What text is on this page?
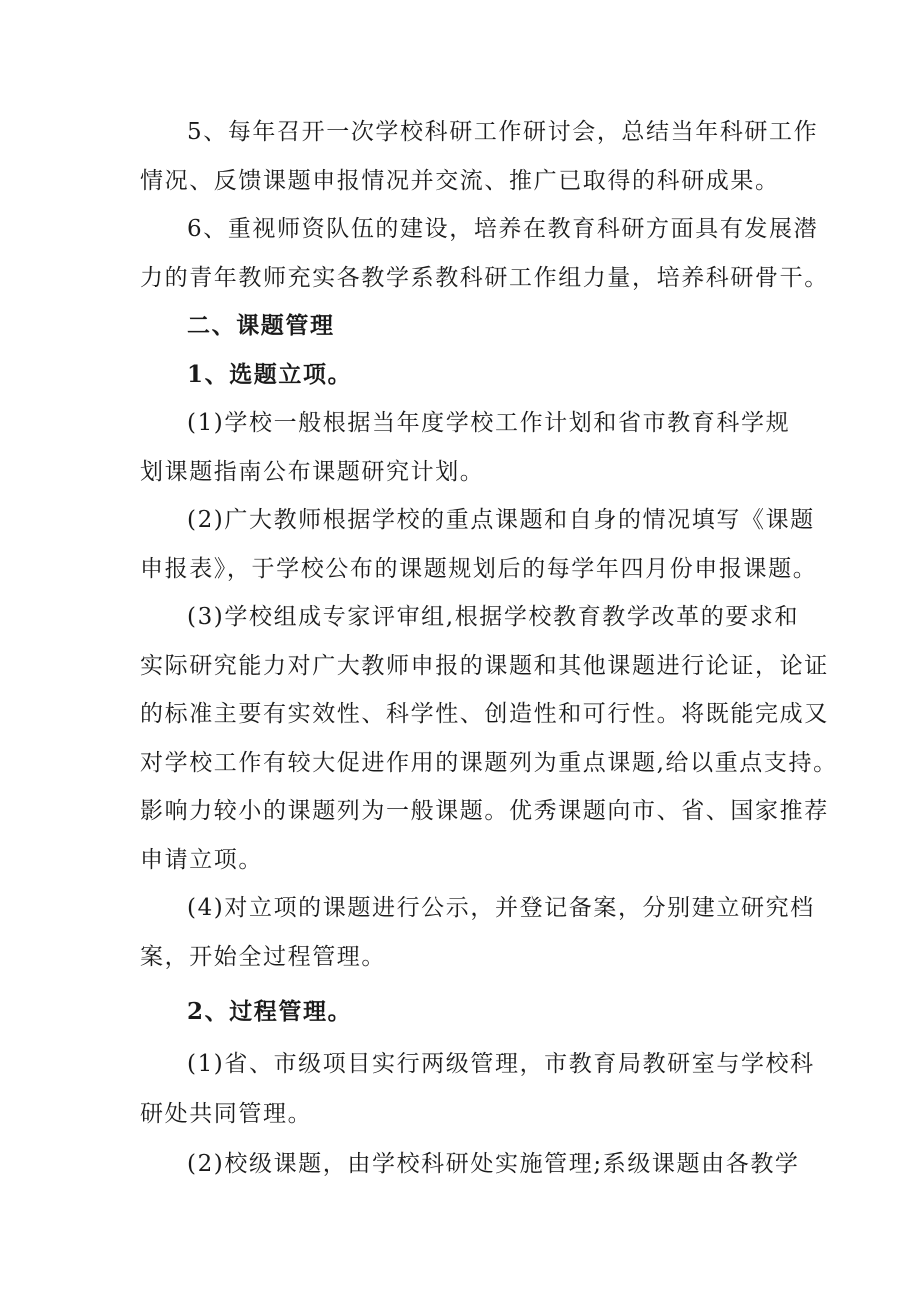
5、每年召开一次学校科研工作研讨会，总结当年科研工作
情况、反馈课题申报情况并交流、推广已取得的科研成果。
6、重视师资队伍的建设，培养在教育科研方面具有发展潜
力的青年教师充实各教学系教科研工作组力量，培养科研骨干。
二、课题管理
1、选题立项。
(1)学校一般根据当年度学校工作计划和省市教育科学规
划课题指南公布课题研究计划。
(2)广大教师根据学校的重点课题和自身的情况填写《课题
申报表》，于学校公布的课题规划后的每学年四月份申报课题。
(3)学校组成专家评审组,根据学校教育教学改革的要求和
实际研究能力对广大教师申报的课题和其他课题进行论证，论证
的标准主要有实效性、科学性、创造性和可行性。将既能完成又
对学校工作有较大促进作用的课题列为重点课题,给以重点支持。
影响力较小的课题列为一般课题。优秀课题向市、省、国家推荐
申请立项。
(4)对立项的课题进行公示，并登记备案，分别建立研究档
案，开始全过程管理。
2、过程管理。
(1)省、市级项目实行两级管理，市教育局教研室与学校科
研处共同管理。
(2)校级课题，由学校科研处实施管理;系级课题由各教学
